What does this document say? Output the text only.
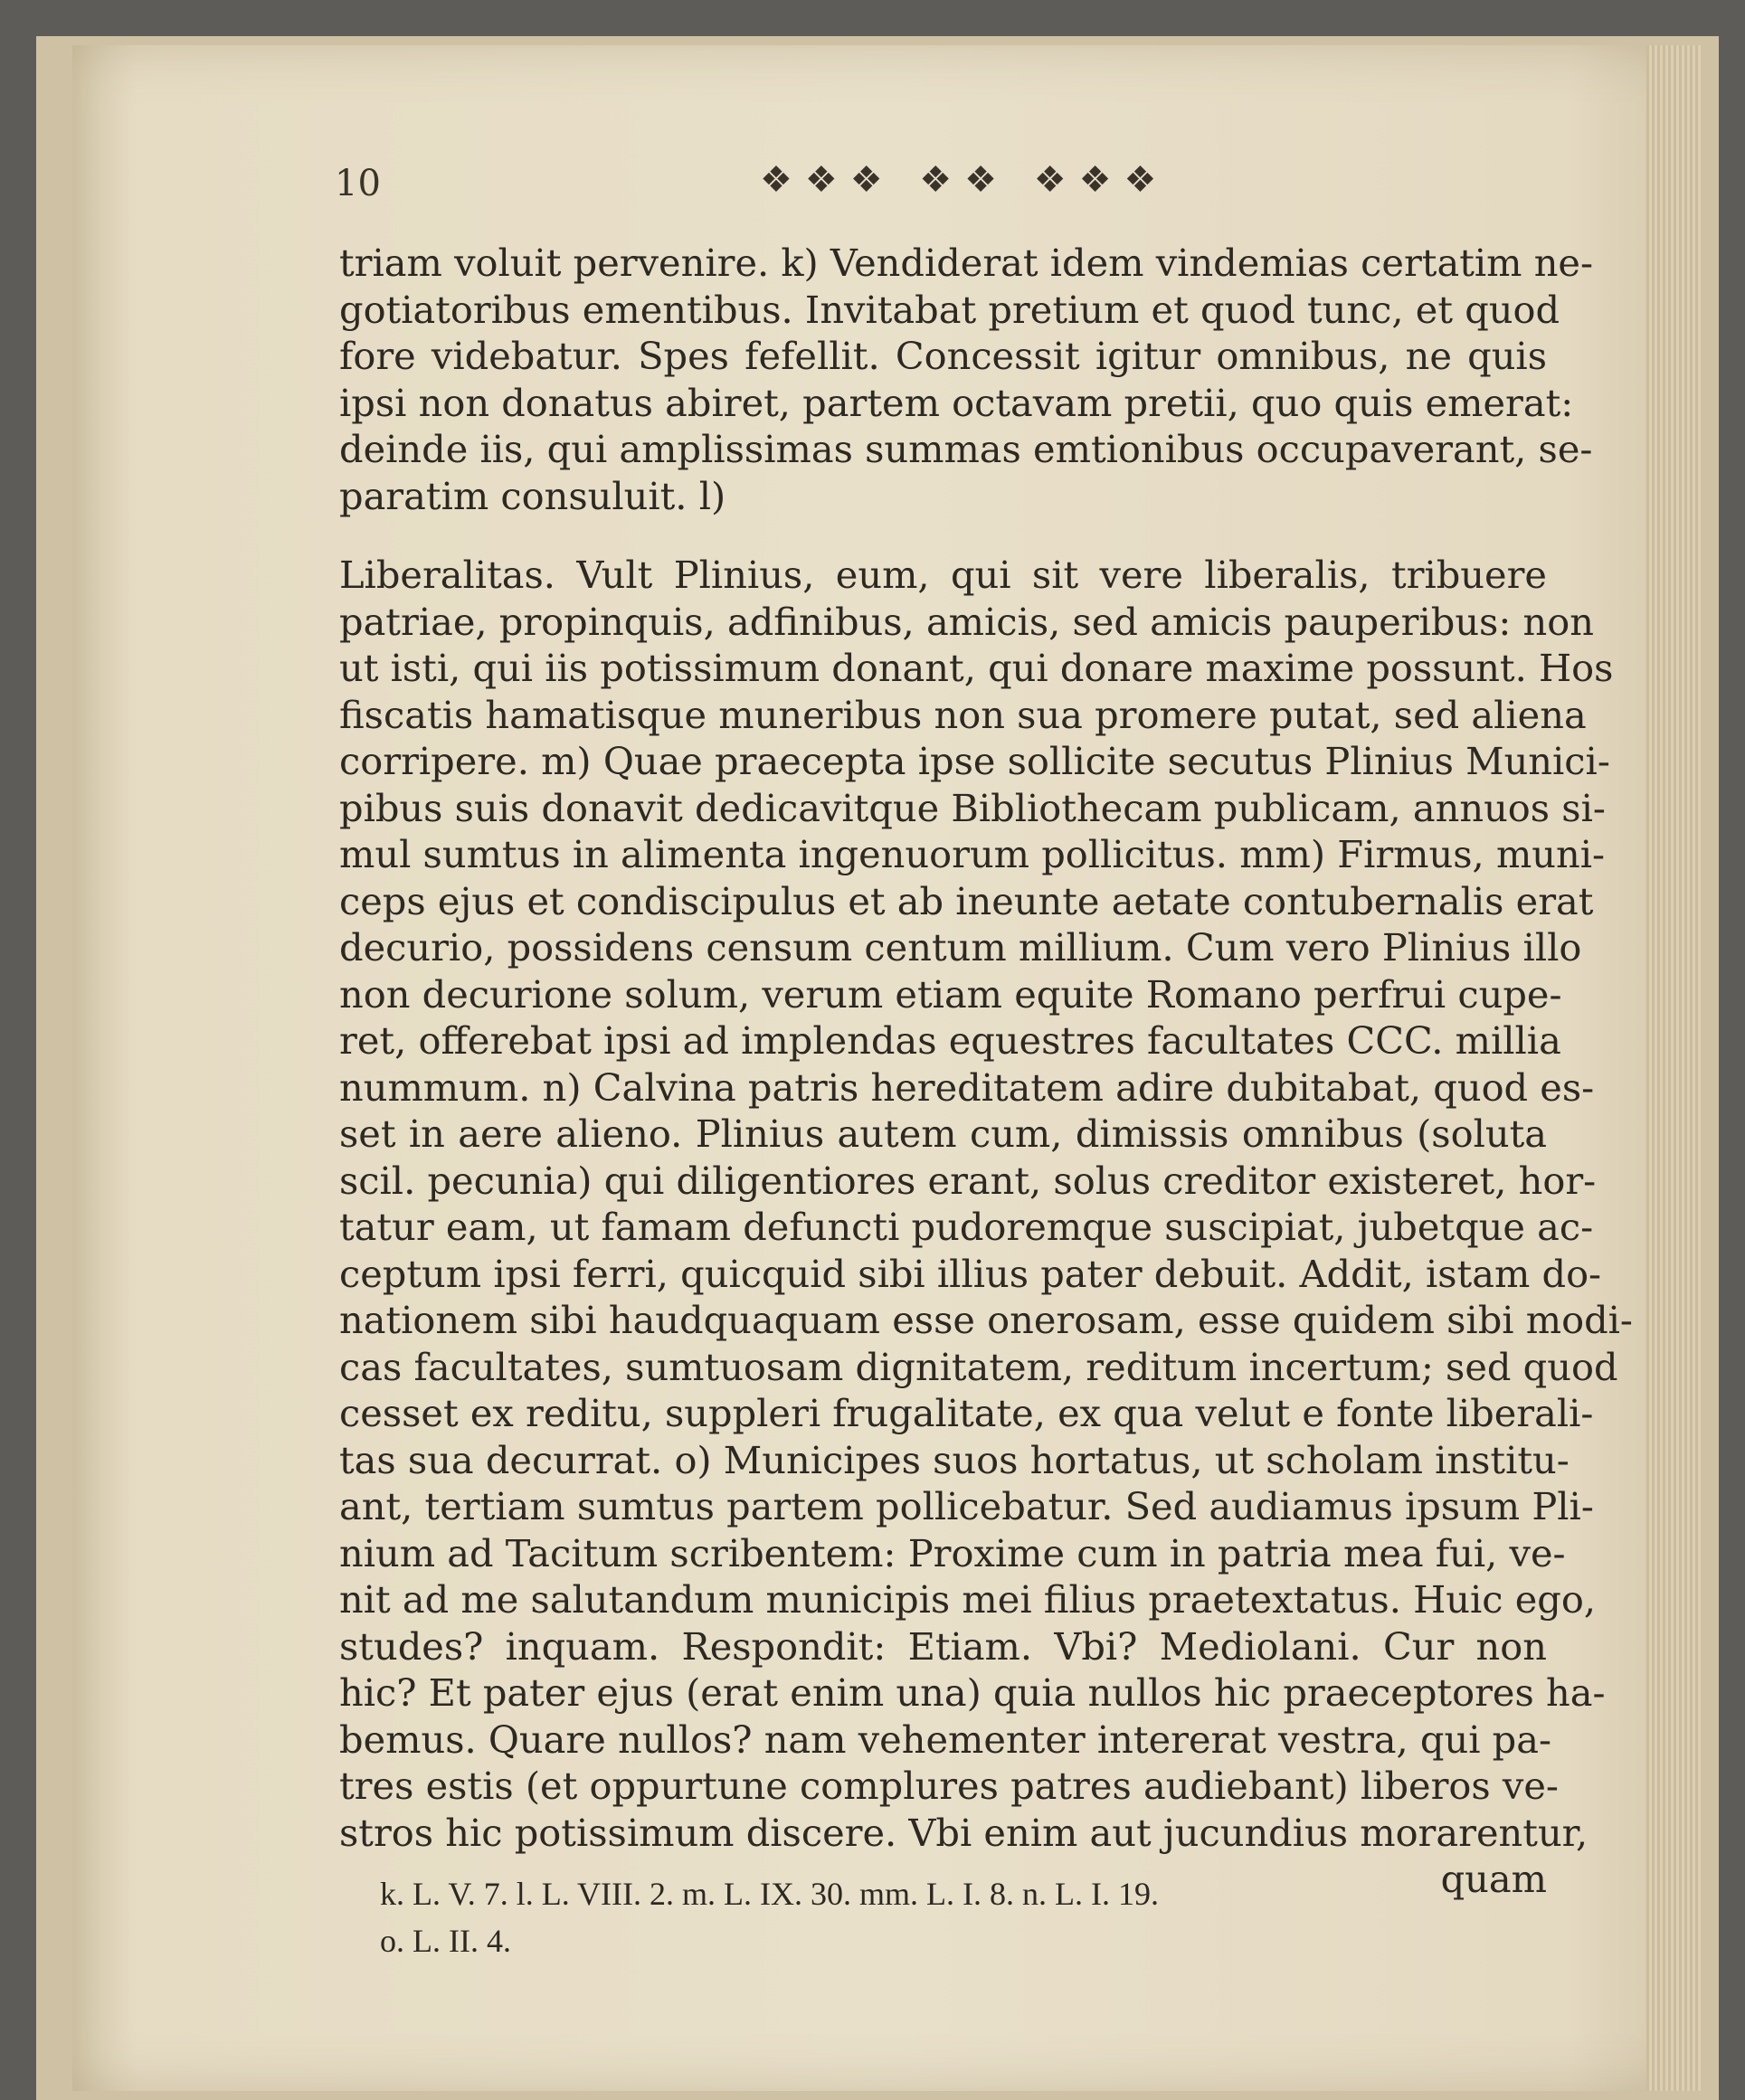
10	❖❖❖ ❖❖ ❖❖❖
triam voluit pervenire. k) Vendiderat idem vindemias certatim ne-
gotiatoribus ementibus. Invitabat pretium et quod tunc, et quod
fore videbatur. Spes fefellit. Concessit igitur omnibus, ne quis
ipsi non donatus abiret, partem octavam pretii, quo quis emerat:
deinde iis, qui amplissimas summas emtionibus occupaverant, se-
paratim consuluit. l)
Liberalitas. Vult Plinius, eum, qui sit vere liberalis, tribuere
patriae, propinquis, adfinibus, amicis, sed amicis pauperibus: non
ut isti, qui iis potissimum donant, qui donare maxime possunt. Hos
fiscatis hamatisque muneribus non sua promere putat, sed aliena
corripere. m) Quae praecepta ipse sollicite secutus Plinius Munici-
pibus suis donavit dedicavitque Bibliothecam publicam, annuos si-
mul sumtus in alimenta ingenuorum pollicitus. mm) Firmus, muni-
ceps ejus et condiscipulus et ab ineunte aetate contubernalis erat
decurio, possidens censum centum millium. Cum vero Plinius illo
non decurione solum, verum etiam equite Romano perfrui cupe-
ret, offerebat ipsi ad implendas equestres facultates CCC. millia
nummum. n) Calvina patris hereditatem adire dubitabat, quod es-
set in aere alieno. Plinius autem cum, dimissis omnibus (soluta
scil. pecunia) qui diligentiores erant, solus creditor existeret, hor-
tatur eam, ut famam defuncti pudoremque suscipiat, jubetque ac-
ceptum ipsi ferri, quicquid sibi illius pater debuit. Addit, istam do-
nationem sibi haudquaquam esse onerosam, esse quidem sibi modi-
cas facultates, sumtuosam dignitatem, reditum incertum; sed quod
cesset ex reditu, suppleri frugalitate, ex qua velut e fonte liberali-
tas sua decurrat. o) Municipes suos hortatus, ut scholam institu-
ant, tertiam sumtus partem pollicebatur. Sed audiamus ipsum Pli-
nium ad Tacitum scribentem: Proxime cum in patria mea fui, ve-
nit ad me salutandum municipis mei filius praetextatus. Huic ego,
studes? inquam. Respondit: Etiam. Vbi? Mediolani. Cur non
hic? Et pater ejus (erat enim una) quia nullos hic praeceptores ha-
bemus. Quare nullos? nam vehementer intererat vestra, qui pa-
tres estis (et oppurtune complures patres audiebant) liberos ve-
stros hic potissimum discere. Vbi enim aut jucundius morarentur,
quam
k. L. V. 7. l. L. VIII. 2. m. L. IX. 30. mm. L. I. 8. n. L. I. 19.
o. L. II. 4.
